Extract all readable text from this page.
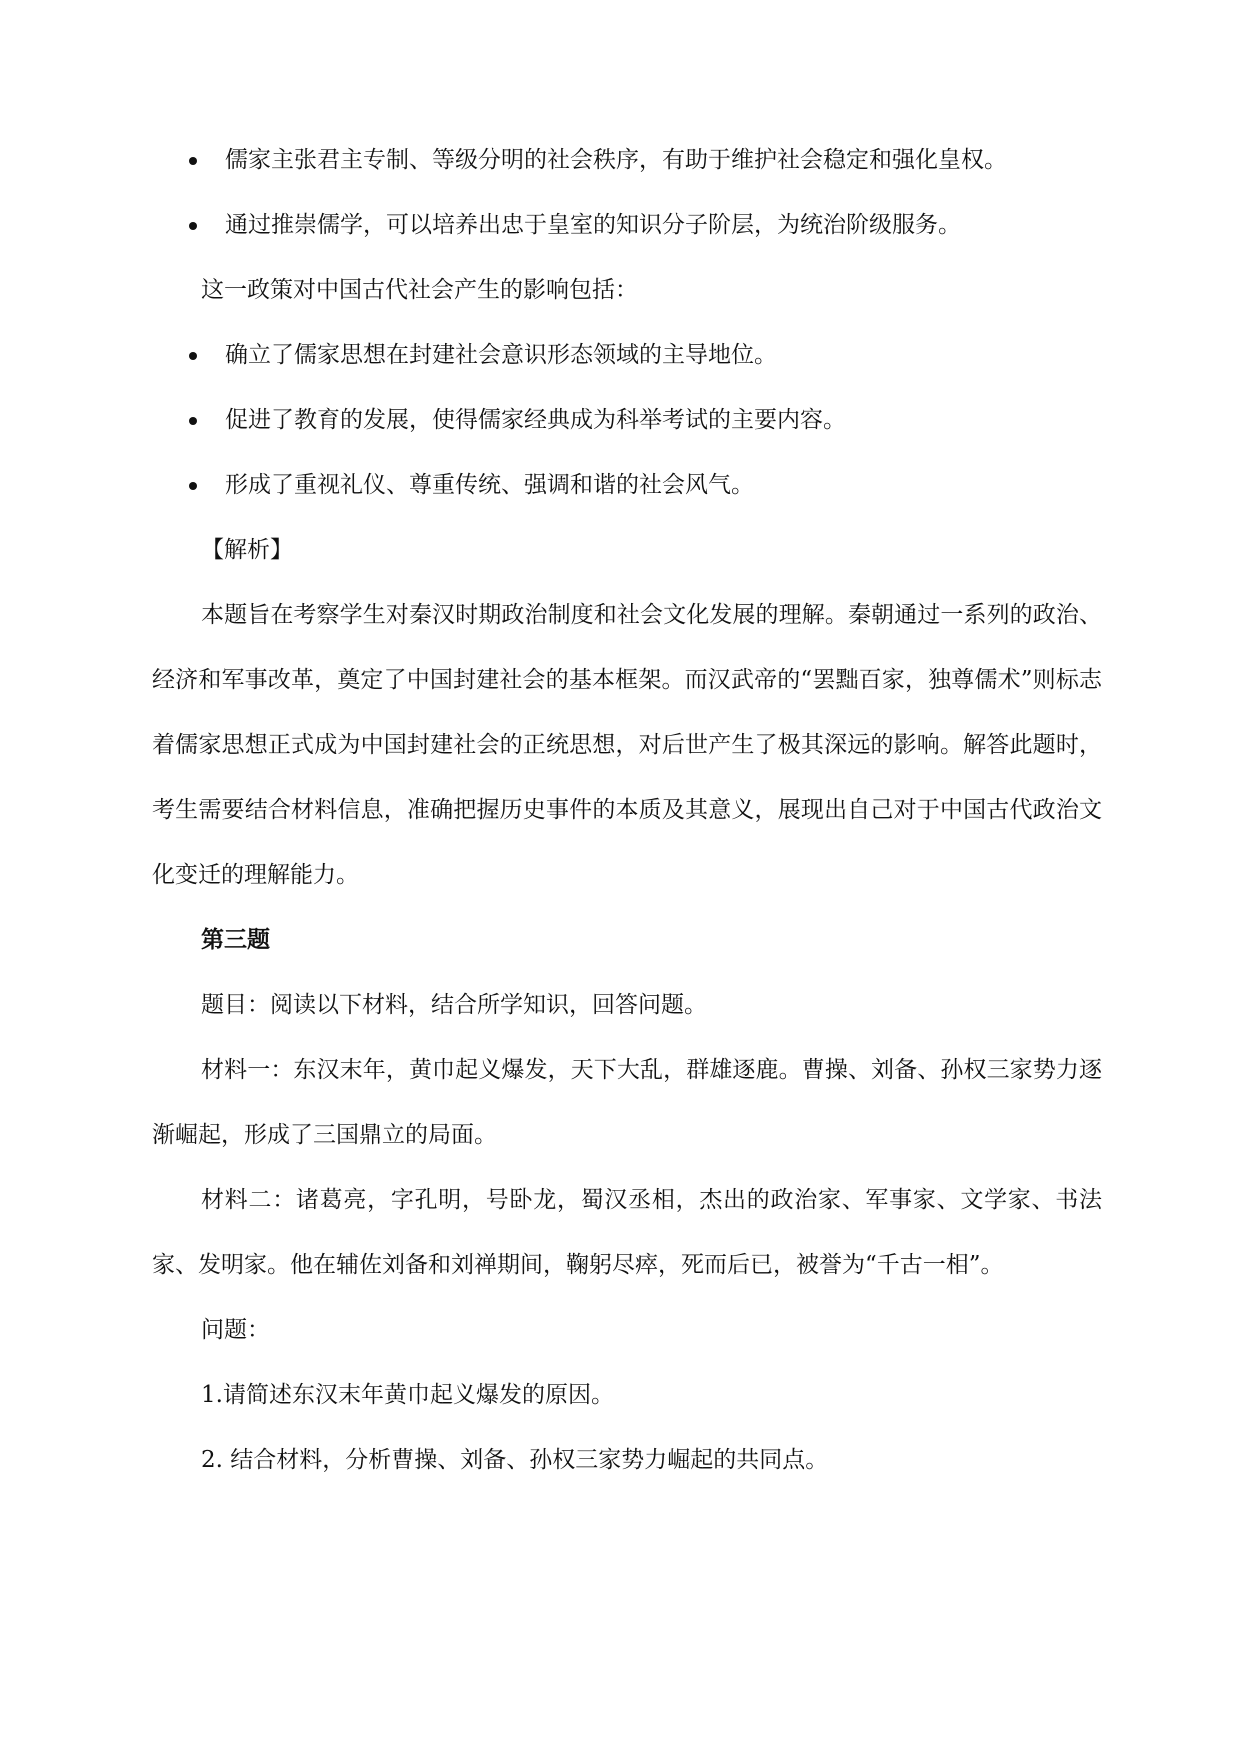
儒家主张君主专制、等级分明的社会秩序，有助于维护社会稳定和强化皇权。
通过推崇儒学，可以培养出忠于皇室的知识分子阶层，为统治阶级服务。
这一政策对中国古代社会产生的影响包括：
确立了儒家思想在封建社会意识形态领域的主导地位。
促进了教育的发展，使得儒家经典成为科举考试的主要内容。
形成了重视礼仪、尊重传统、强调和谐的社会风气。
【解析】

本题旨在考察学生对秦汉时期政治制度和社会文化发展的理解。秦朝通过一系列的政治、经济和军事改革，奠定了中国封建社会的基本框架。而汉武帝的“罢黜百家，独尊儒术”则标志着儒家思想正式成为中国封建社会的正统思想，对后世产生了极其深远的影响。解答此题时，考生需要结合材料信息，准确把握历史事件的本质及其意义，展现出自己对于中国古代政治文化变迁的理解能力。

第三题
题目：阅读以下材料，结合所学知识，回答问题。

材料一：东汉末年，黄巾起义爆发，天下大乱，群雄逐鹿。曹操、刘备、孙权三家势力逐渐崛起，形成了三国鼎立的局面。

材料二：诸葛亮，字孔明，号卧龙，蜀汉丞相，杰出的政治家、军事家、文学家、书法家、发明家。他在辅佐刘备和刘禅期间，鞠躬尽瘁，死而后已，被誉为“千古一相”。

问题：
1.请简述东汉末年黄巾起义爆发的原因。
2. 结合材料，分析曹操、刘备、孙权三家势力崛起的共同点。
